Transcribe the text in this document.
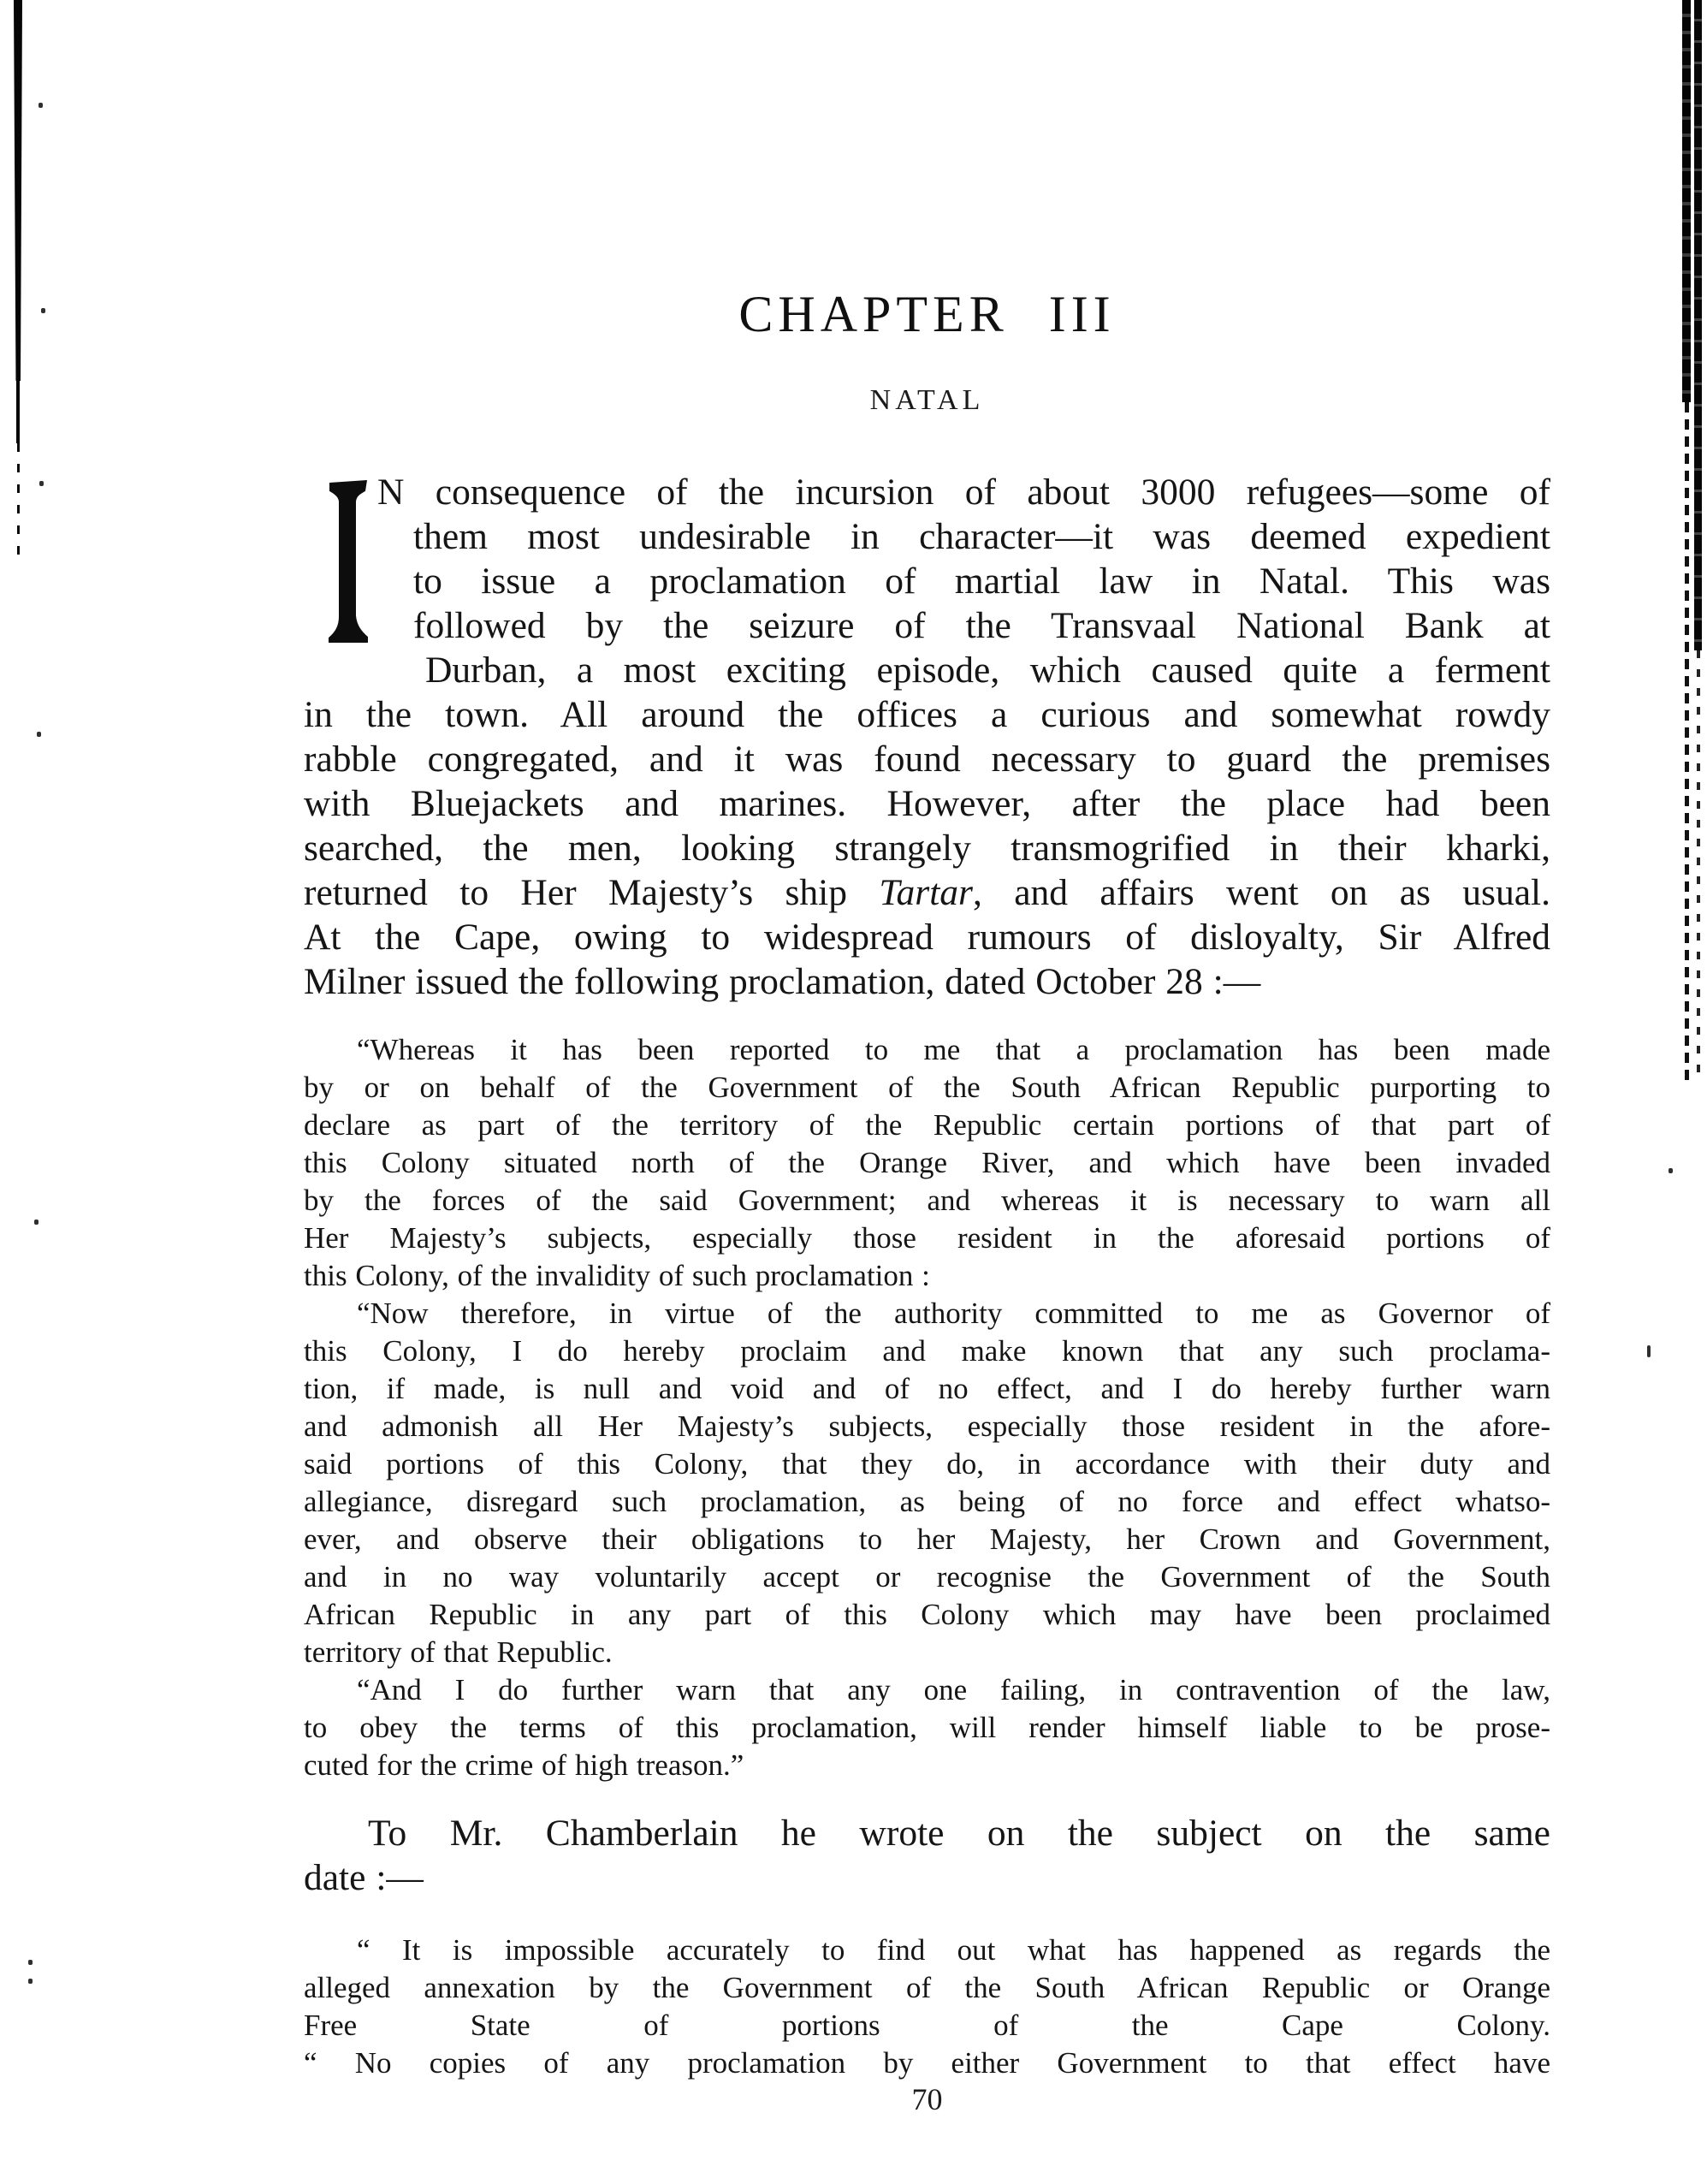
CHAPTER III
NATAL
N consequence of the incursion of about 3000 refugees—some of
them most undesirable in character—it was deemed expedient
to issue a proclamation of martial law in Natal. This was
followed by the seizure of the Transvaal National Bank at
Durban, a most exciting episode, which caused quite a ferment
in the town. All around the offices a curious and somewhat rowdy
rabble congregated, and it was found necessary to guard the premises
with Bluejackets and marines. However, after the place had been
searched, the men, looking strangely transmogrified in their kharki,
returned to Her Majesty’s ship Tartar, and affairs went on as usual.
At the Cape, owing to widespread rumours of disloyalty, Sir Alfred
Milner issued the following proclamation, dated October 28 :—
“Whereas it has been reported to me that a proclamation has been made
by or on behalf of the Government of the South African Republic purporting to
declare as part of the territory of the Republic certain portions of that part of
this Colony situated north of the Orange River, and which have been invaded
by the forces of the said Government; and whereas it is necessary to warn all
Her Majesty’s subjects, especially those resident in the aforesaid portions of
this Colony, of the invalidity of such proclamation :
“Now therefore, in virtue of the authority committed to me as Governor of
this Colony, I do hereby proclaim and make known that any such proclama-
tion, if made, is null and void and of no effect, and I do hereby further warn
and admonish all Her Majesty’s subjects, especially those resident in the afore-
said portions of this Colony, that they do, in accordance with their duty and
allegiance, disregard such proclamation, as being of no force and effect whatso-
ever, and observe their obligations to her Majesty, her Crown and Government,
and in no way voluntarily accept or recognise the Government of the South
African Republic in any part of this Colony which may have been proclaimed
territory of that Republic.
“And I do further warn that any one failing, in contravention of the law,
to obey the terms of this proclamation, will render himself liable to be prose-
cuted for the crime of high treason.”
To Mr. Chamberlain he wrote on the subject on the same
date :—
“ It is impossible accurately to find out what has happened as regards the
alleged annexation by the Government of the South African Republic or Orange
Free State of portions of the Cape Colony.
“ No copies of any proclamation by either Government to that effect have
70
